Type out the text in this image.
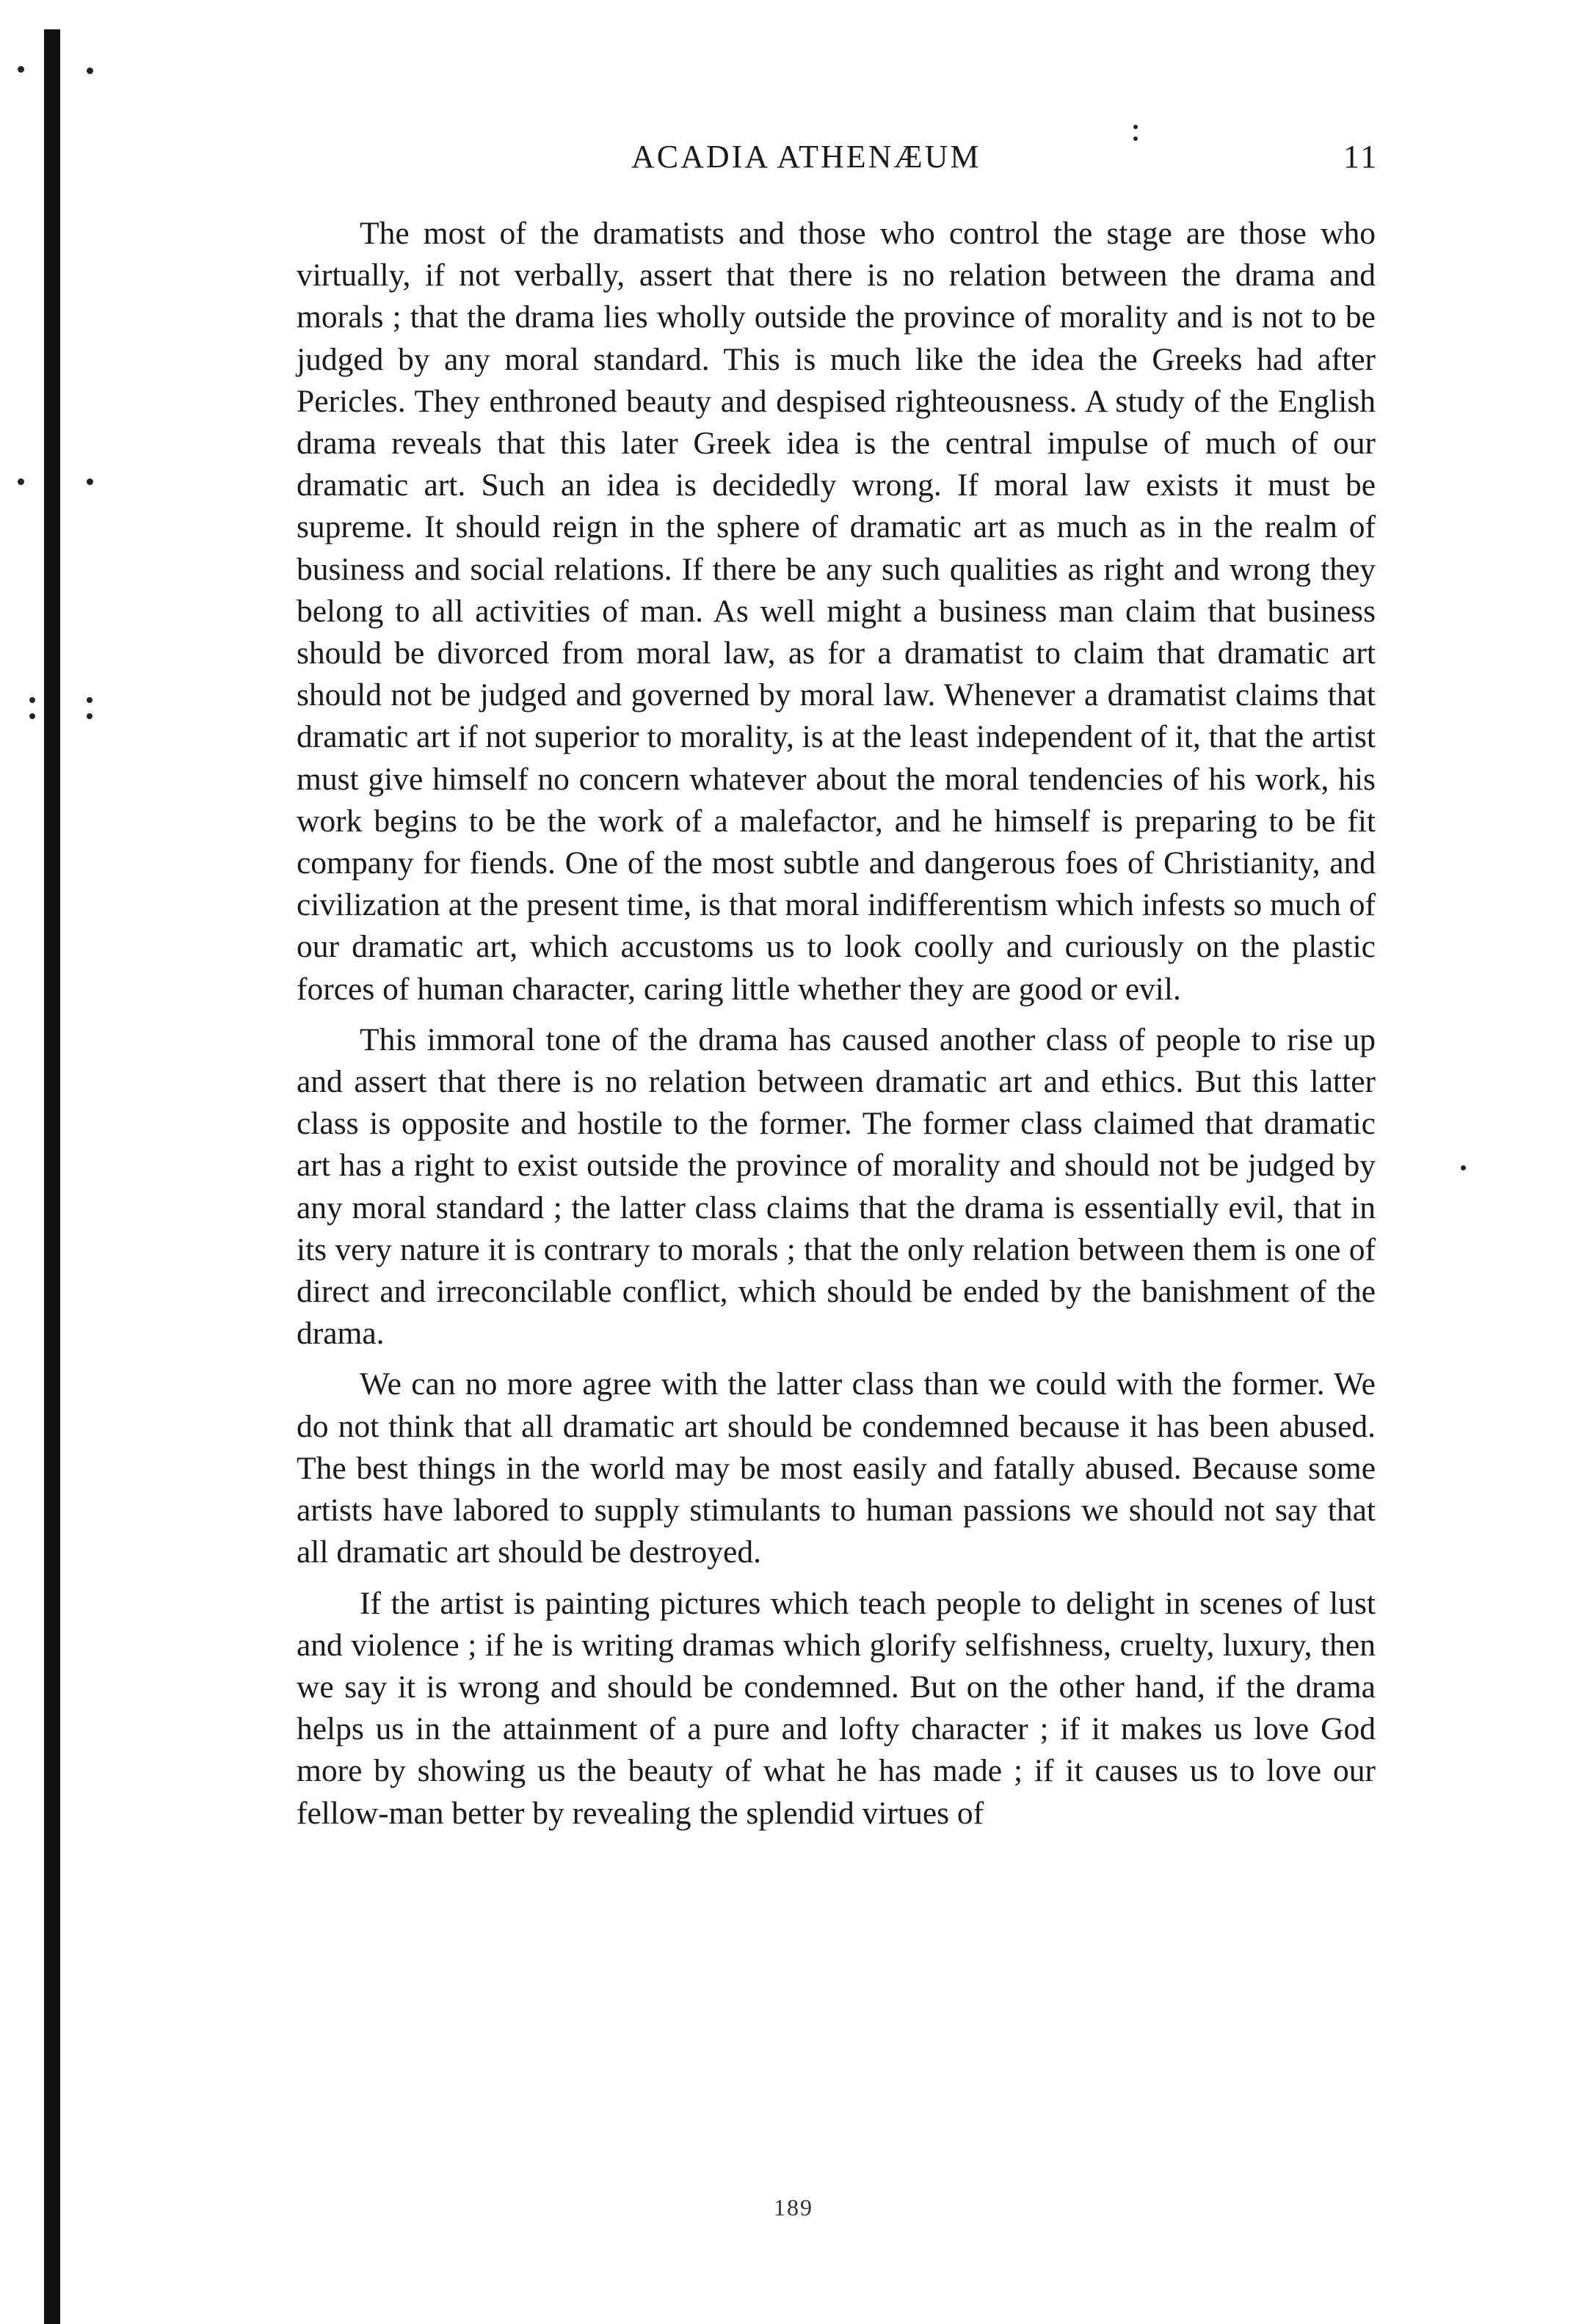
ACADIA ATHENÆUM	11

The most of the dramatists and those who control the stage are those who virtually, if not verbally, assert that there is no relation between the drama and morals ; that the drama lies wholly outside the province of morality and is not to be judged by any moral standard. This is much like the idea the Greeks had after Pericles. They enthroned beauty and despised righteousness. A study of the English drama reveals that this later Greek idea is the central impulse of much of our dramatic art. Such an idea is decidedly wrong. If moral law exists it must be supreme. It should reign in the sphere of dramatic art as much as in the realm of business and social relations. If there be any such qualities as right and wrong they belong to all activities of man. As well might a business man claim that business should be divorced from moral law, as for a dramatist to claim that dramatic art should not be judged and governed by moral law. Whenever a dramatist claims that dramatic art if not superior to morality, is at the least independent of it, that the artist must give himself no concern whatever about the moral tendencies of his work, his work begins to be the work of a malefactor, and he himself is preparing to be fit company for fiends. One of the most subtle and dangerous foes of Christianity, and civilization at the present time, is that moral indifferentism which infests so much of our dramatic art, which accustoms us to look coolly and curiously on the plastic forces of human character, caring little whether they are good or evil.

This immoral tone of the drama has caused another class of people to rise up and assert that there is no relation between dramatic art and ethics. But this latter class is opposite and hostile to the former. The former class claimed that dramatic art has a right to exist outside the province of morality and should not be judged by any moral standard ; the latter class claims that the drama is essentially evil, that in its very nature it is contrary to morals ; that the only relation between them is one of direct and irreconcilable conflict, which should be ended by the banishment of the drama.

We can no more agree with the latter class than we could with the former. We do not think that all dramatic art should be condemned because it has been abused. The best things in the world may be most easily and fatally abused. Because some artists have labored to supply stimulants to human passions we should not say that all dramatic art should be destroyed.

If the artist is painting pictures which teach people to delight in scenes of lust and violence ; if he is writing dramas which glorify selfishness, cruelty, luxury, then we say it is wrong and should be condemned. But on the other hand, if the drama helps us in the attainment of a pure and lofty character ; if it makes us love God more by showing us the beauty of what he has made ; if it causes us to love our fellow-man better by revealing the splendid virtues of

189
